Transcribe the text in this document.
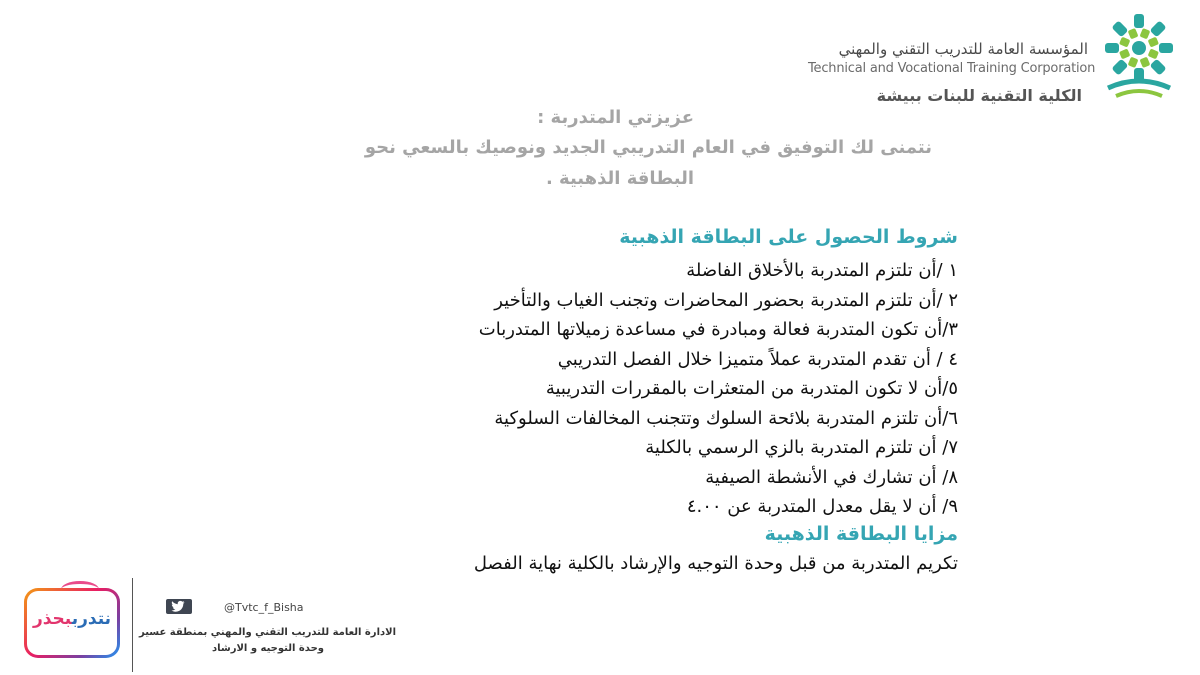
المؤسسة العامة للتدريب التقني والمهني
Technical and Vocational Training Corporation
الكلية التقنية للبنات ببيشة
عزيزتي المتدربة :
نتمنى لك التوفيق في العام التدريبي الجديد ونوصيك بالسعي نحو
البطاقة الذهبية .
شروط الحصول على البطاقة الذهبية
١ /أن تلتزم المتدربة بالأخلاق الفاضلة
٢ /أن تلتزم المتدربة بحضور المحاضرات وتجنب الغياب والتأخير
٣/أن تكون المتدربة فعالة ومبادرة في مساعدة زميلاتها المتدربات
٤ / أن تقدم المتدربة عملاً متميزا خلال الفصل التدريبي
٥/أن لا تكون المتدربة من المتعثرات بالمقررات التدريبية
٦/أن تلتزم المتدربة بلائحة السلوك وتتجنب المخالفات السلوكية
٧/ أن تلتزم المتدربة بالزي الرسمي بالكلية
٨/ أن تشارك في الأنشطة الصيفية
٩/ أن لا يقل معدل المتدربة عن ٤.٠٠
مزايا البطاقة الذهبية
تكريم المتدربة من قبل وحدة التوجيه والإرشاد بالكلية نهاية الفصل
نتدرببحذر
@Tvtc_f_Bisha
الادارة العامة للتدريب التقني والمهني بمنطقة عسير
وحدة التوجيه و الارشاد
